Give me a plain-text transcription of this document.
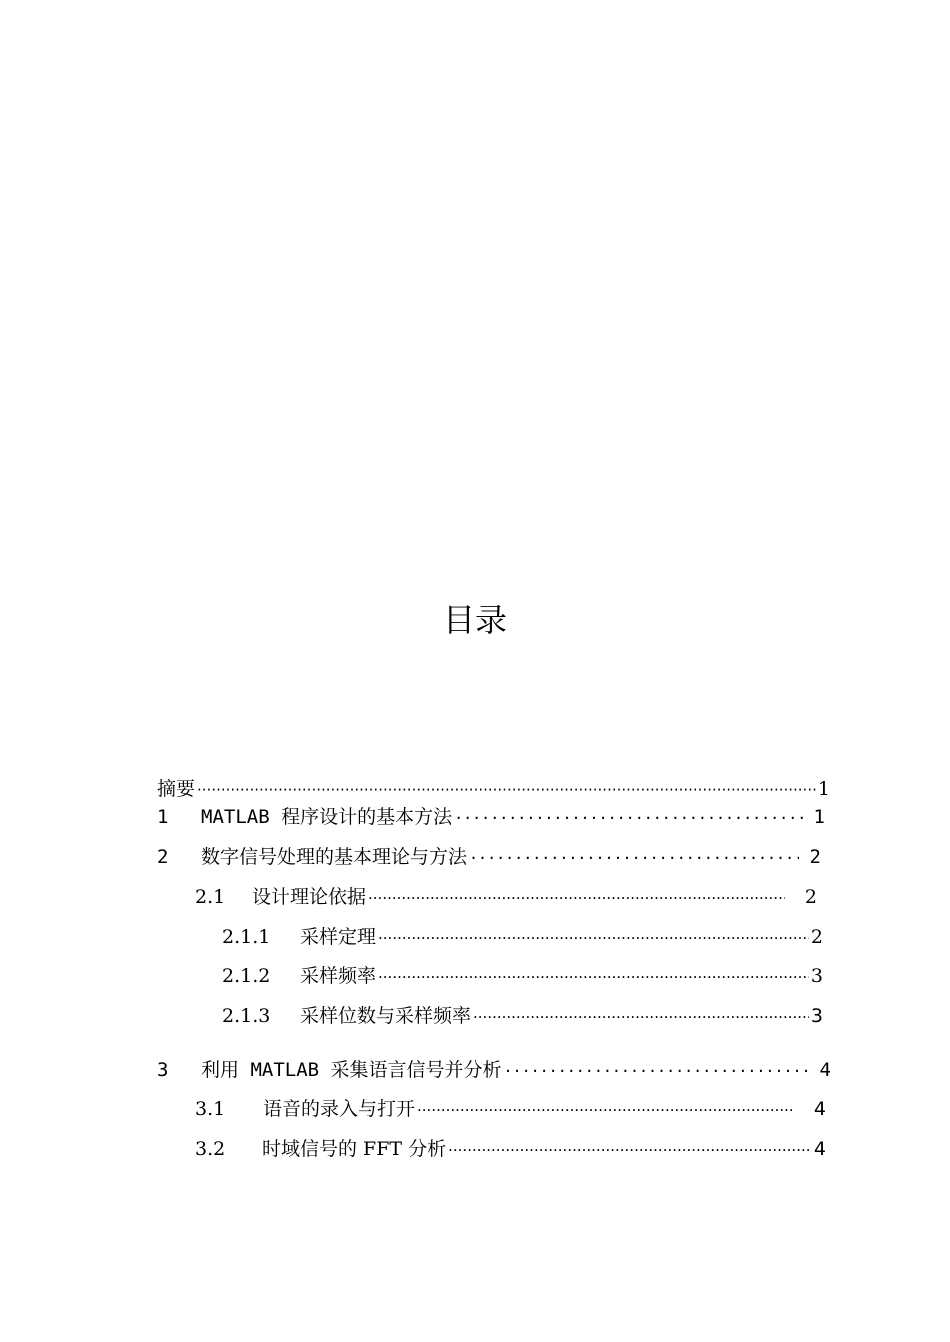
目录
摘要 ·····	1
1	MATLAB 程序设计的基本方法 ·····	1
2	数字信号处理的基本理论与方法 ·····	2
2.1	设计理论依据 ·····	2
2.1.1	采样定理 ·····	2
2.1.2	采样频率 ·····	3
2.1.3	采样位数与采样频率 ·····	3
3	利用 MATLAB 采集语言信号并分析 ·····	4
3.1	语音的录入与打开 ·····	4
3.2	时域信号的 FFT 分析 ·····	4
